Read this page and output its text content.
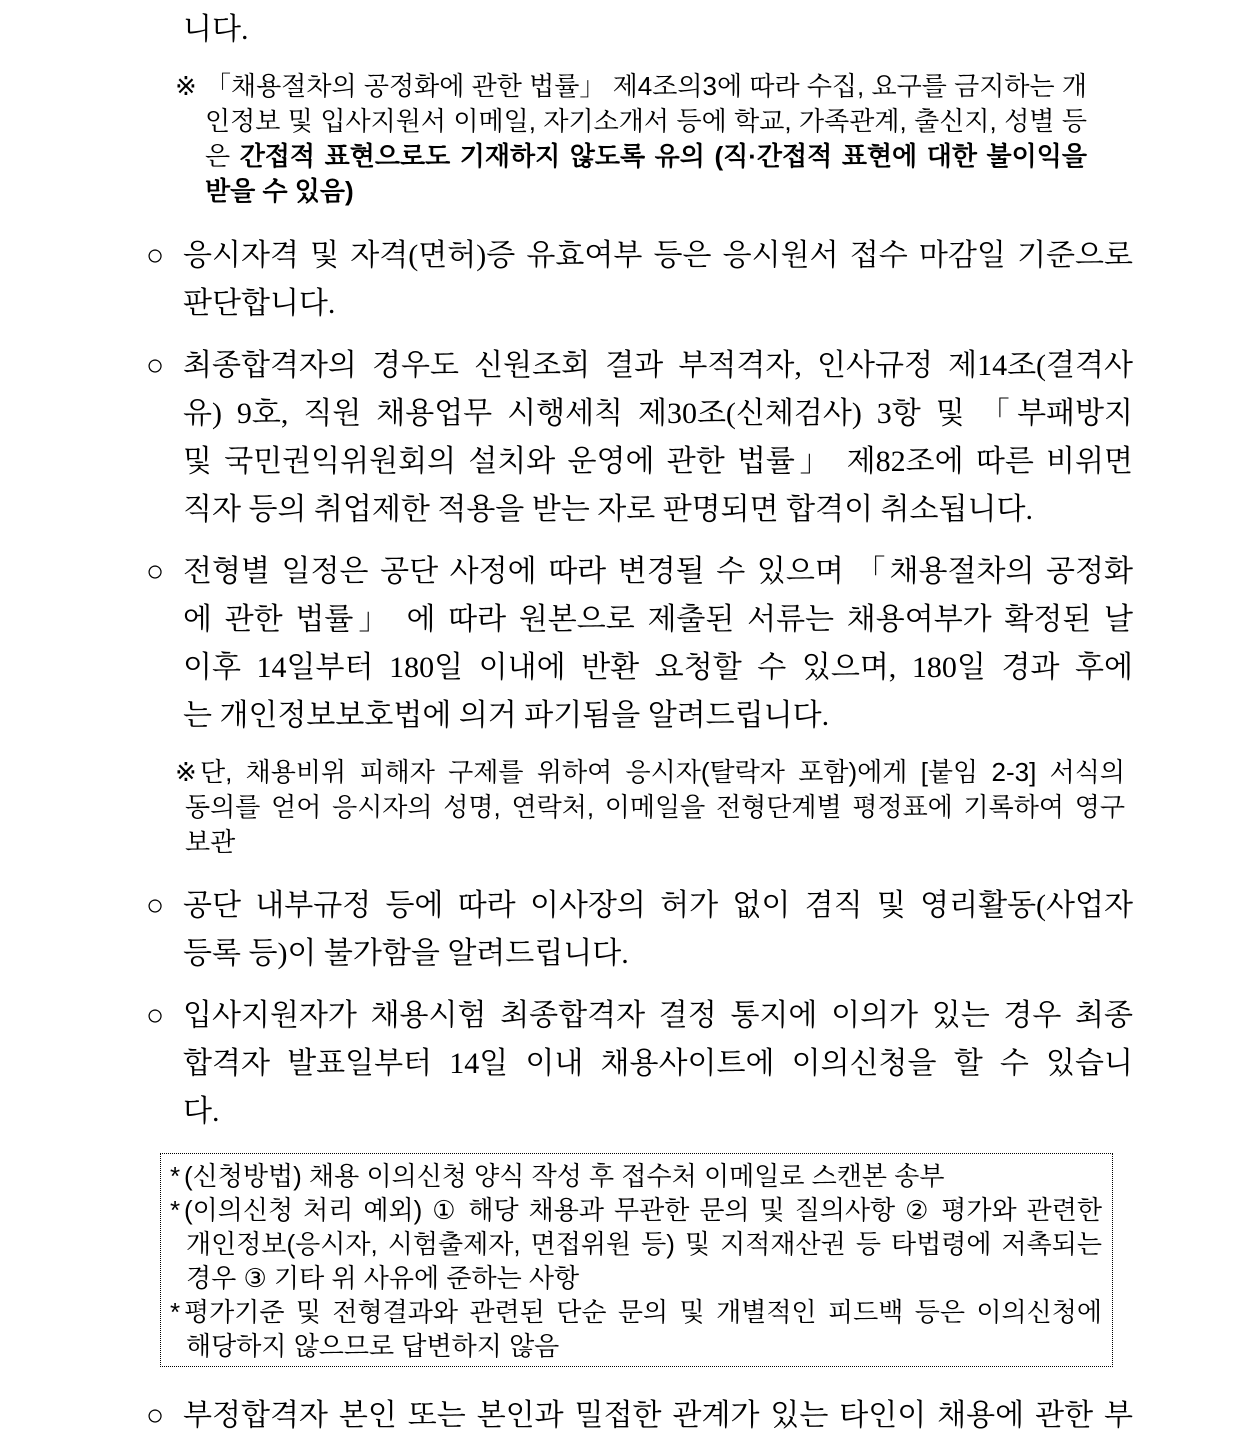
니다.
※ 「채용절차의 공정화에 관한 법률」 제4조의3에 따라 수집, 요구를 금지하는 개
인정보 및 입사지원서 이메일, 자기소개서 등에 학교, 가족관계, 출신지, 성별 등
은 간접적 표현으로도 기재하지 않도록 유의 (직·간접적 표현에 대한 불이익을
받을 수 있음)
○ 응시자격 및 자격(면허)증 유효여부 등은 응시원서 접수 마감일 기준으로
판단합니다.
○ 최종합격자의 경우도 신원조회 결과 부적격자, 인사규정 제14조(결격사
유) 9호, 직원 채용업무 시행세칙 제30조(신체검사) 3항 및 「부패방지
및 국민권익위원회의 설치와 운영에 관한 법률」 제82조에 따른 비위면
직자 등의 취업제한 적용을 받는 자로 판명되면 합격이 취소됩니다.
○ 전형별 일정은 공단 사정에 따라 변경될 수 있으며 「채용절차의 공정화
에 관한 법률」 에 따라 원본으로 제출된 서류는 채용여부가 확정된 날
이후 14일부터 180일 이내에 반환 요청할 수 있으며, 180일 경과 후에
는 개인정보보호법에 의거 파기됨을 알려드립니다.
※ 단, 채용비위 피해자 구제를 위하여 응시자(탈락자 포함)에게 [붙임 2-3] 서식의
동의를 얻어 응시자의 성명, 연락처, 이메일을 전형단계별 평정표에 기록하여 영구
보관
○ 공단 내부규정 등에 따라 이사장의 허가 없이 겸직 및 영리활동(사업자
등록 등)이 불가함을 알려드립니다.
○ 입사지원자가 채용시험 최종합격자 결정 통지에 이의가 있는 경우 최종
합격자 발표일부터 14일 이내 채용사이트에 이의신청을 할 수 있습니
다.
* (신청방법) 채용 이의신청 양식 작성 후 접수처 이메일로 스캔본 송부
* (이의신청 처리 예외) ① 해당 채용과 무관한 문의 및 질의사항 ② 평가와 관련한
개인정보(응시자, 시험출제자, 면접위원 등) 및 지적재산권 등 타법령에 저촉되는
경우 ③ 기타 위 사유에 준하는 사항
* 평가기준 및 전형결과와 관련된 단순 문의 및 개별적인 피드백 등은 이의신청에
해당하지 않으므로 답변하지 않음
○ 부정합격자 본인 또는 본인과 밀접한 관계가 있는 타인이 채용에 관한 부
